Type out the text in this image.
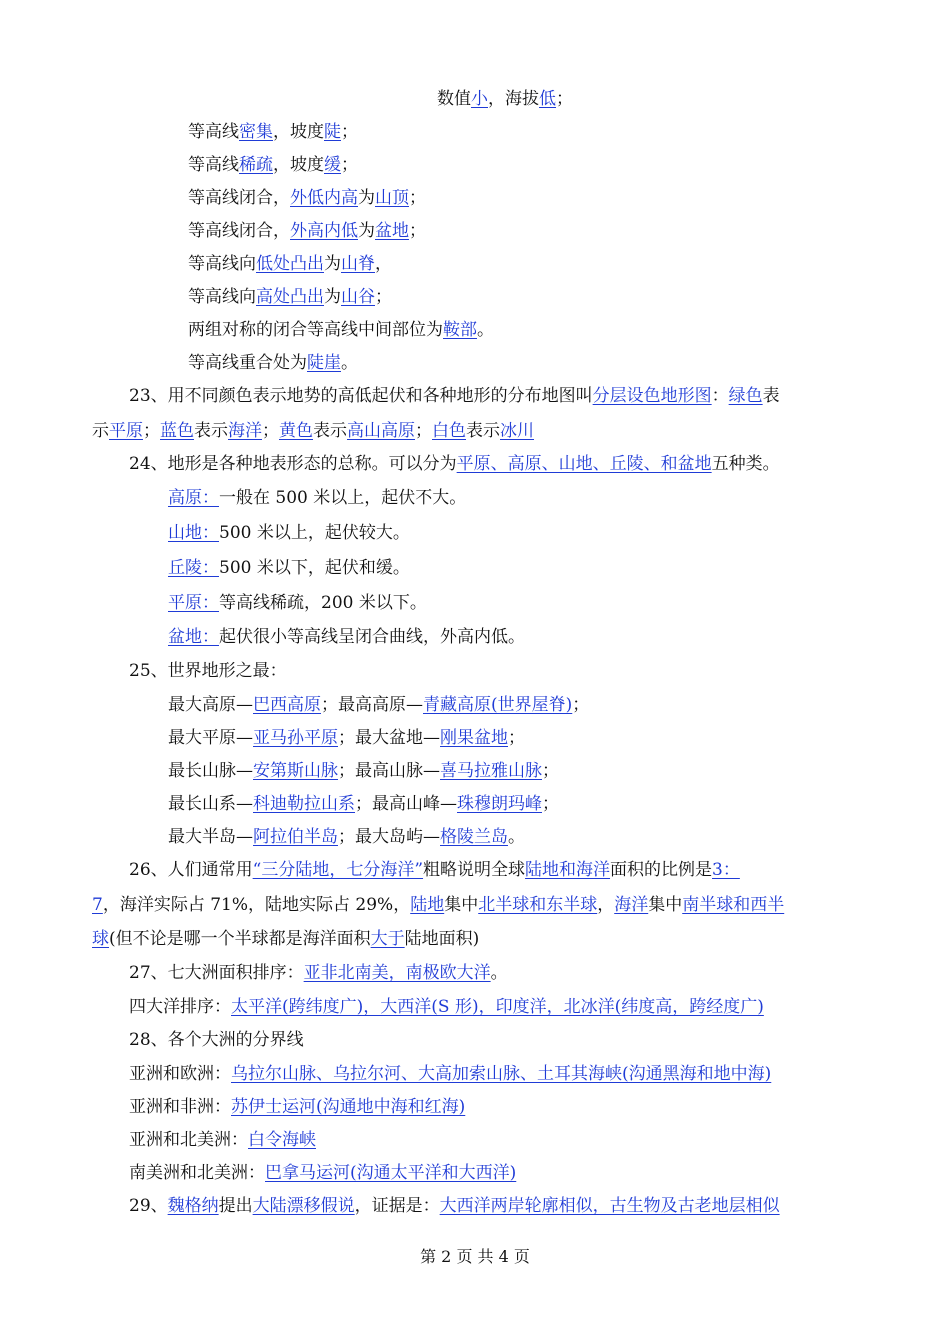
数值小，海拔低；
等高线密集，坡度陡；
等高线稀疏，坡度缓；
等高线闭合，外低内高为山顶；
等高线闭合，外高内低为盆地；
等高线向低处凸出为山脊，
等高线向高处凸出为山谷；
两组对称的闭合等高线中间部位为鞍部。
等高线重合处为陡崖。
23、用不同颜色表示地势的高低起伏和各种地形的分布地图叫分层设色地形图：绿色表
示平原；蓝色表示海洋；黄色表示高山高原；白色表示冰川
24、地形是各种地表形态的总称。可以分为平原、高原、山地、丘陵、和盆地五种类。
高原：一般在 500 米以上，起伏不大。
山地：500 米以上，起伏较大。
丘陵：500 米以下，起伏和缓。
平原：等高线稀疏，200 米以下。
盆地：起伏很小等高线呈闭合曲线，外高内低。
25、世界地形之最：
最大高原—巴西高原；最高高原—青藏高原(世界屋脊)；
最大平原—亚马孙平原；最大盆地—刚果盆地；
最长山脉—安第斯山脉；最高山脉—喜马拉雅山脉；
最长山系—科迪勒拉山系；最高山峰—珠穆朗玛峰；
最大半岛—阿拉伯半岛；最大岛屿—格陵兰岛。
26、人们通常用“三分陆地，七分海洋”粗略说明全球陆地和海洋面积的比例是3：
7，海洋实际占 71%，陆地实际占 29%，陆地集中北半球和东半球，海洋集中南半球和西半
球(但不论是哪一个半球都是海洋面积大于陆地面积)
27、七大洲面积排序：亚非北南美，南极欧大洋。
四大洋排序：太平洋(跨纬度广)，大西洋(S 形)，印度洋，北冰洋(纬度高，跨经度广)
28、各个大洲的分界线
亚洲和欧洲：乌拉尔山脉、乌拉尔河、大高加索山脉、土耳其海峡(沟通黑海和地中海)
亚洲和非洲：苏伊士运河(沟通地中海和红海)
亚洲和北美洲：白令海峡
南美洲和北美洲：巴拿马运河(沟通太平洋和大西洋)
29、魏格纳提出大陆漂移假说，证据是：大西洋两岸轮廓相似，古生物及古老地层相似
第 2 页 共 4 页
